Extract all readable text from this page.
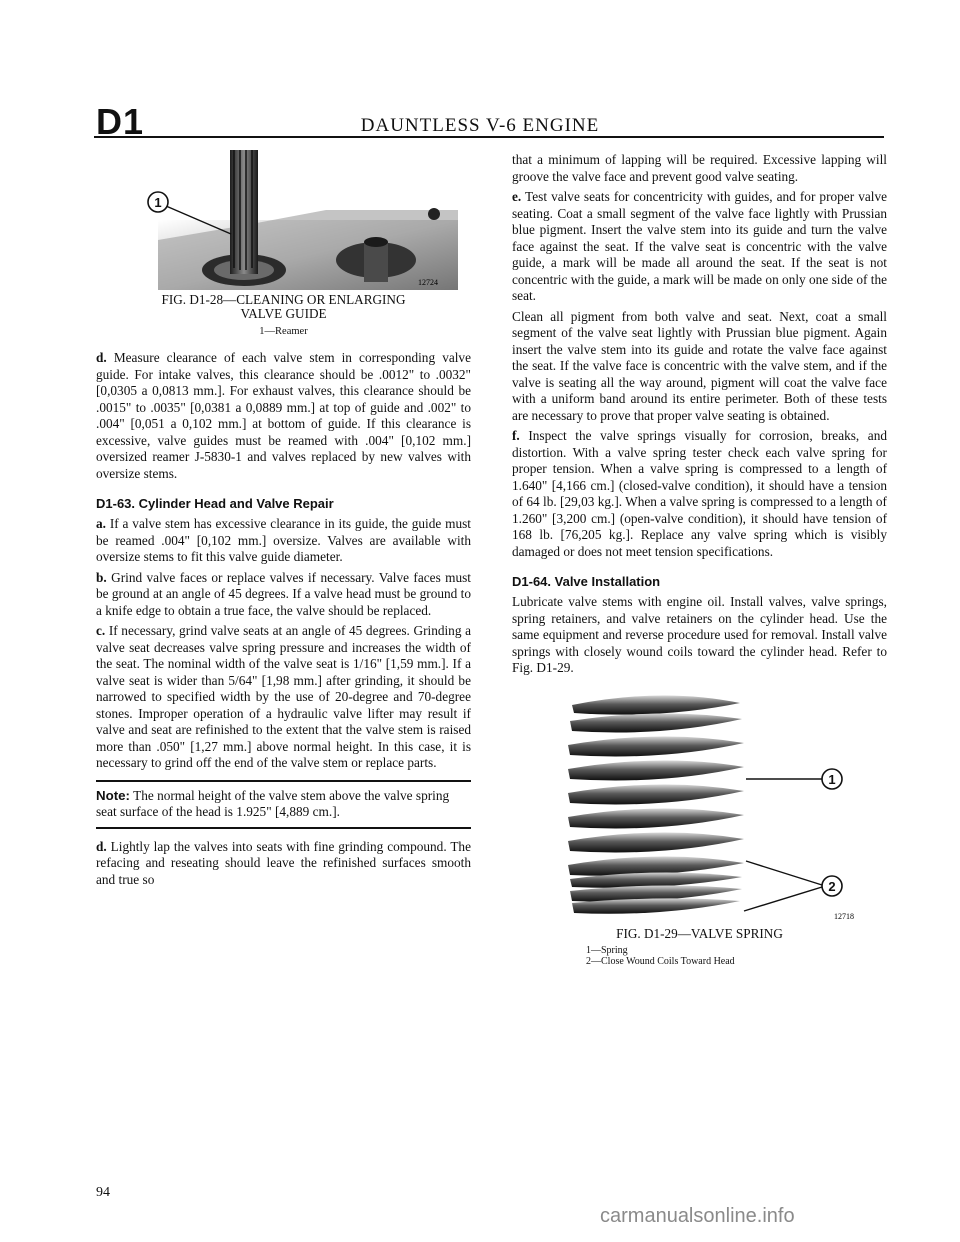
D1	DAUNTLESS V-6 ENGINE

1
12724
FIG. D1-28—CLEANING OR ENLARGING
VALVE GUIDE

1—Reamer

d. Measure clearance of each valve stem in corresponding valve guide. For intake valves, this clearance should be .0012" to .0032" [0,0305 a 0,0813 mm.]. For exhaust valves, this clearance should be .0015" to .0035" [0,0381 a 0,0889 mm.] at top of guide and .002" to .004" [0,051 a 0,102 mm.] at bottom of guide. If this clearance is excessive, valve guides must be reamed with .004" [0,102 mm.] oversized reamer J-5830-1 and valves replaced by new valves with oversize stems.

D1-63. Cylinder Head and Valve Repair

a. If a valve stem has excessive clearance in its guide, the guide must be reamed .004" [0,102 mm.] oversize. Valves are available with oversize stems to fit this valve guide diameter.

b. Grind valve faces or replace valves if necessary. Valve faces must be ground at an angle of 45 degrees. If a valve head must be ground to a knife edge to obtain a true face, the valve should be replaced.

c. If necessary, grind valve seats at an angle of 45 degrees. Grinding a valve seat decreases valve spring pressure and increases the width of the seat. The nominal width of the valve seat is 1/16" [1,59 mm.]. If a valve seat is wider than 5/64" [1,98 mm.] after grinding, it should be narrowed to specified width by the use of 20-degree and 70-degree stones. Improper operation of a hydraulic valve lifter may result if valve and seat are refinished to the extent that the valve stem is raised more than .050" [1,27 mm.] above normal height. In this case, it is necessary to grind off the end of the valve stem or replace parts.

Note: The normal height of the valve stem above the valve spring seat surface of the head is 1.925" [4,889 cm.].

d. Lightly lap the valves into seats with fine grinding compound. The refacing and reseating should leave the refinished surfaces smooth and true so

that a minimum of lapping will be required. Excessive lapping will groove the valve face and prevent good valve seating.

e. Test valve seats for concentricity with guides, and for proper valve seating. Coat a small segment of the valve face lightly with Prussian blue pigment. Insert the valve stem into its guide and turn the valve face against the seat. If the valve seat is concentric with the valve guide, a mark will be made all around the seat. If the seat is not concentric with the guide, a mark will be made on only one side of the seat.

Clean all pigment from both valve and seat. Next, coat a small segment of the valve seat lightly with Prussian blue pigment. Again insert the valve stem into its guide and rotate the valve face against the seat. If the valve face is concentric with the valve stem, and if the valve is seating all the way around, pigment will coat the valve face with a uniform band around its entire perimeter. Both of these tests are necessary to prove that proper valve seating is obtained.

f. Inspect the valve springs visually for corrosion, breaks, and distortion. With a valve spring tester check each valve spring for proper tension. When a valve spring is compressed to a length of 1.640" [4,166 cm.] (closed-valve condition), it should have a tension of 64 lb. [29,03 kg.]. When a valve spring is compressed to a length of 1.260" [3,200 cm.] (open-valve condition), it should have tension of 168 lb. [76,205 kg.]. Replace any valve spring which is visibly damaged or does not meet tension specifications.

D1-64. Valve Installation

Lubricate valve stems with engine oil. Install valves, valve springs, spring retainers, and valve retainers on the cylinder head. Use the same equipment and reverse procedure used for removal. Install valve springs with closely wound coils toward the cylinder head. Refer to Fig. D1-29.

1
2
12718
FIG. D1-29—VALVE SPRING
1—Spring
2—Close Wound Coils Toward Head

94

carmanualsonline.info
